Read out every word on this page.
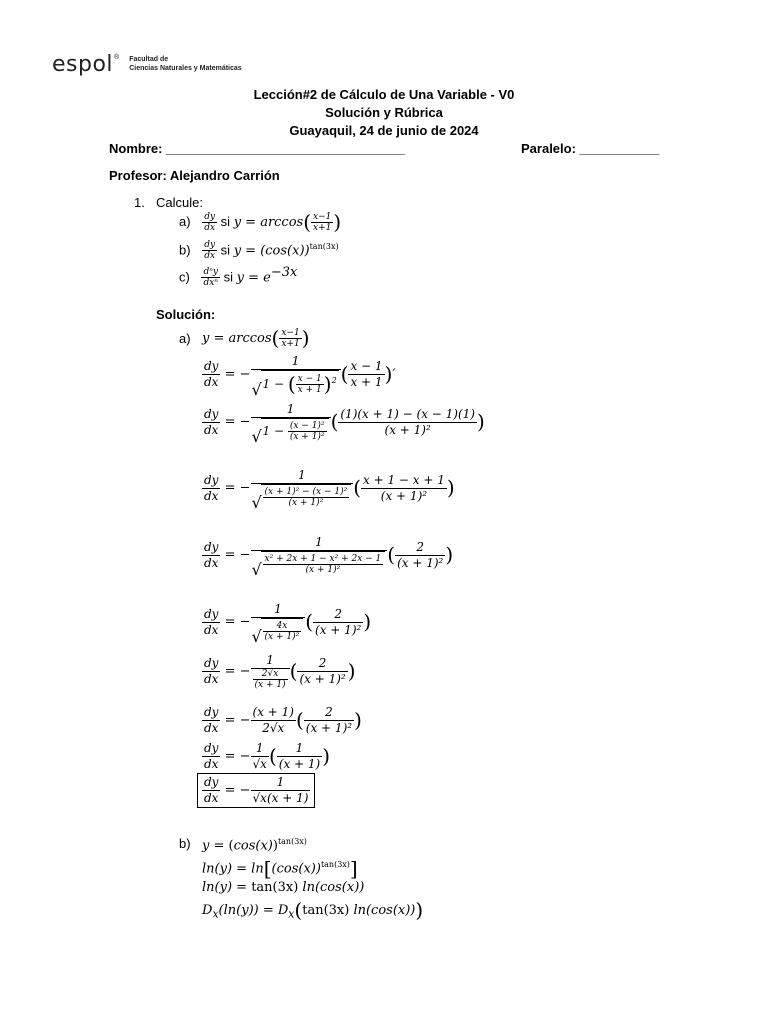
espol ® Facultad de
Ciencias Naturales y Matemáticas
Lección#2 de Cálculo de Una Variable - V0
Solución y Rúbrica
Guayaquil, 24 de junio de 2024
Nombre: _________________________________	Paralelo: ___________
Profesor: Alejandro Carrión
1. Calcule:
$a) \frac{dy}{dx}$ si $y = \arccos( \frac{x-1}{x+1}$ )
$b) \frac{dy}{dx}$ si $y = (\cos(x))^{tan(3x)}$
$c) \frac{\text{dⁿy}}{\text{dxⁿ}}$ si $y = e^{-3x}$
Solución:
a) $y = \arccos( \frac{x-1}{x+1}$ )
$\frac{dy}{dx}$ = − 1
√ 1 − ( $\frac{x - 1}{x + 1} )^2$ ( $\frac{x - 1}{x + 1}$ )′
$\frac{dy}{dx}$ = − 1
√ $1 - \frac{\text{(x − 1)²}}{\text{(x + 1)²}}$ ( $\frac{(1)(x + 1) - (x - 1)(1)}{\text{(x + 1)²}}$ )
$\frac{dy}{dx}$ = − 1
√ $\frac{\text{(x + 1)² − (x − 1)²}}{\text{(x + 1)²}}$ ( $\frac{x + 1 - x + 1}{\text{(x + 1)²}}$ )
$\frac{dy}{dx}$ = − 1
√ $\frac{\text{x² + 2x + 1 − x² + 2x − 1}}{\text{(x + 1)²}}$ ( $\frac{2}{\text{(x + 1)²}}$ )
$\frac{dy}{dx}$ = − 1
√ $\frac{4x}{\text{(x + 1)²}}$ ( $\frac{2}{\text{(x + 1)²}}$ )
$\frac{dy}{dx}$ = − $\frac{1}{\frac{2√x}{(x + 1)}}$ ( $\frac{2}{\text{(x + 1)²}}$ )
$\frac{dy}{dx}$ = − $\frac{(x + 1)}{2√x}$ ( $\frac{2}{\text{(x + 1)²}}$ )
$\frac{dy}{dx}$ = − $\frac{1}{√x}$ ( $\frac{1}{(x + 1)}$ )
$\frac{dy}{dx}$ = − $\frac{1}{√x(x + 1)}$
b) $y = (\cos(x))^{tan(3x)}$
$\ln(y) = \ln[(\cos(x))^{tan(3x)}]$
ln(y) = tan(3x) ln(cos(x))
$D_x(\ln(y)) = D_x(\tan(3x)$ ln(cos(x)))
